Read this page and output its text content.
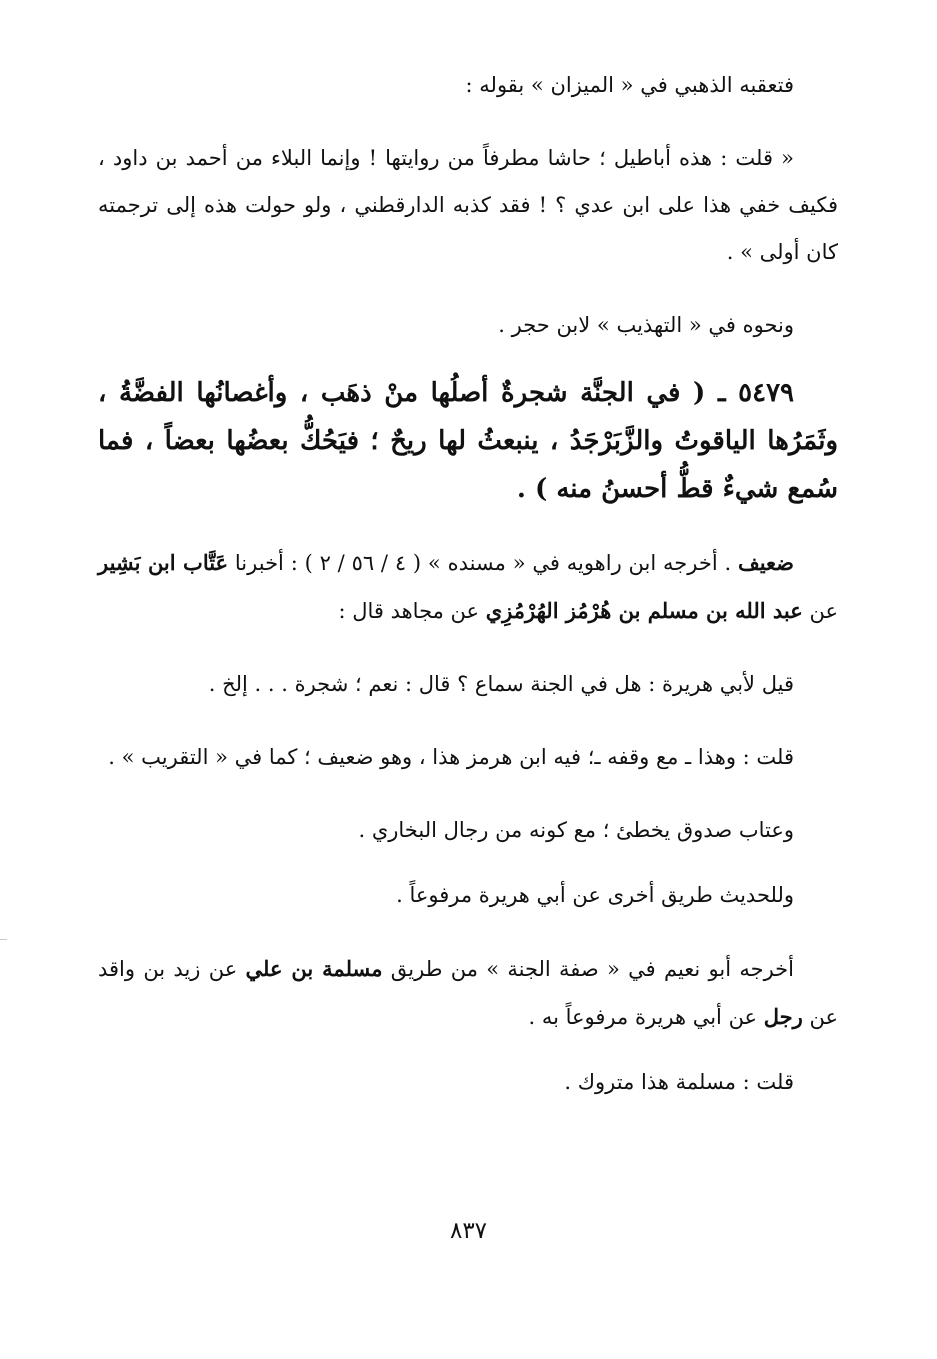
فتعقبه الذهبي في « الميزان » بقوله :

« قلت : هذه أباطيل ؛ حاشا مطرفاً من روايتها ! وإنما البلاء من أحمد بن داود ، فكيف خفي هذا على ابن عدي ؟ ! فقد كذبه الدارقطني ، ولو حولت هذه إلى ترجمته كان أولى » .

ونحوه في « التهذيب » لابن حجر .

٥٤٧٩ ـ ( في الجنَّة شجرةٌ أصلُها منْ ذهَب ، وأغصانُها الفضَّةُ ، وثَمَرُها الياقوتُ والزَّبَرْجَدُ ، ينبعثُ لها ريحٌ ؛ فيَحُكُّ بعضُها بعضاً ، فما سُمع شيءٌ قطُّ أحسنُ منه ) .

ضعيف . أخرجه ابن راهويه في « مسنده » ( ٤ / ٥٦ / ٢ ) : أخبرنا عَتَّاب ابن بَشِير عن عبد الله بن مسلم بن هُرْمُز الهُرْمُزِي عن مجاهد قال :

قيل لأبي هريرة : هل في الجنة سماع ؟ قال : نعم ؛ شجرة . . . إلخ .

قلت : وهذا ـ مع وقفه ـ؛ فيه ابن هرمز هذا ، وهو ضعيف ؛ كما في « التقريب » .

وعتاب صدوق يخطئ ؛ مع كونه من رجال البخاري .

وللحديث طريق أخرى عن أبي هريرة مرفوعاً .

أخرجه أبو نعيم في « صفة الجنة » من طريق مسلمة بن علي عن زيد بن واقد عن رجل عن أبي هريرة مرفوعاً به .

قلت : مسلمة هذا متروك .

٨٣٧
